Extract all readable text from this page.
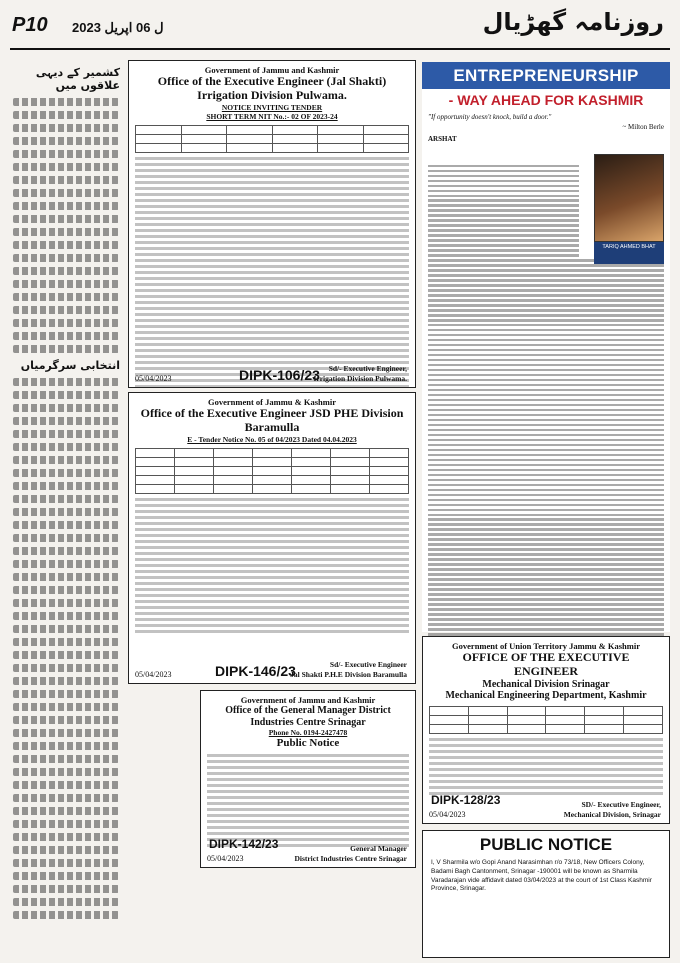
P10 2023 ل 06 اپریل	روزنامہ گھڑیال
کشمیر کے دیہی علاقوں میں
انتخابی سرگرمیاں
Government of Jammu and Kashmir
Office of the Executive Engineer (Jal Shakti) Irrigation Division Pulwama.
NOTICE INVITING TENDER
SHORT TERM NIT No.:- 02 OF 2023-24

05/04/2023	DIPK-106/23	Sd/- Executive Engineer,
Irrigation Division Pulwama.
Government of Jammu & Kashmir
Office of the Executive Engineer JSD PHE Division Baramulla
E - Tender Notice No. 05 of 04/2023 Dated 04.04.2023

05/04/2023	DIPK-146/23	Sd/- Executive Engineer
Jal Shakti P.H.E Division Baramulla
Government of Jammu and Kashmir
Office of the General Manager District Industries Centre Srinagar
Phone No. 0194-2427478
Public Notice
05/04/2023
DIPK-142/23	General Manager
District Industries Centre Srinagar
ENTREPRENEURSHIP
- WAY AHEAD FOR KASHMIR
"If opportunity doesn't knock, build a door."
~ Milton Berle
ARSHAT
TARIQ AHMED BHAT
Government of Union Territory Jammu & Kashmir
OFFICE OF THE EXECUTIVE ENGINEER
Mechanical Division Srinagar
Mechanical Engineering Department, Kashmir

05/04/2023
DIPK-128/23	SD/- Executive Engineer,
Mechanical Division, Srinagar
PUBLIC NOTICE

I, V Sharmila w/o Gopi Anand Narasimhan r/o 73/18, New Officers Colony, Badami Bagh Cantonment, Srinagar -190001 will be known as Sharmila Varadarajan vide affidavit dated 03/04/2023 at the court of 1st Class Kashmir Province, Srinagar.
